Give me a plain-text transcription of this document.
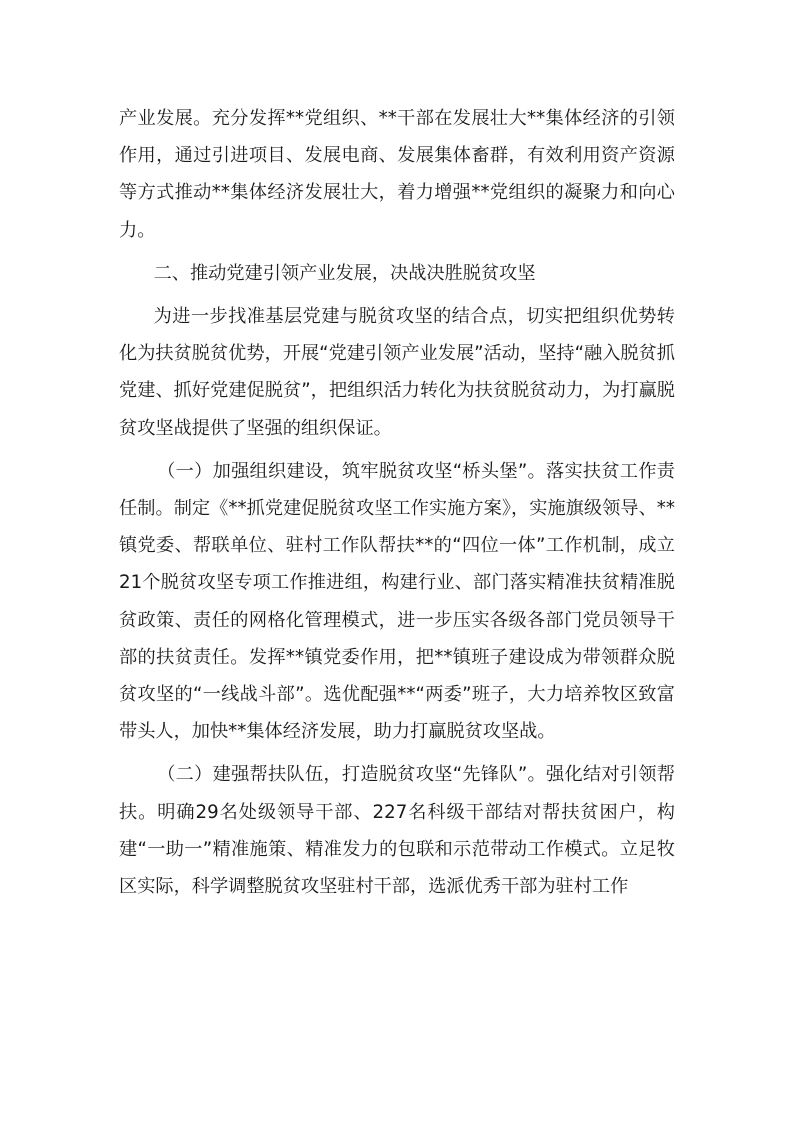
产业发展。充分发挥**党组织、**干部在发展壮大**集体经济的引领作用，通过引进项目、发展电商、发展集体畜群，有效利用资产资源等方式推动**集体经济发展壮大，着力增强**党组织的凝聚力和向心力。

二、推动党建引领产业发展，决战决胜脱贫攻坚

为进一步找准基层党建与脱贫攻坚的结合点，切实把组织优势转化为扶贫脱贫优势，开展“党建引领产业发展”活动，坚持“融入脱贫抓党建、抓好党建促脱贫”，把组织活力转化为扶贫脱贫动力，为打赢脱贫攻坚战提供了坚强的组织保证。

（一）加强组织建设，筑牢脱贫攻坚“桥头堡”。落实扶贫工作责任制。制定《**抓党建促脱贫攻坚工作实施方案》，实施旗级领导、**镇党委、帮联单位、驻村工作队帮扶**的“四位一体”工作机制，成立21个脱贫攻坚专项工作推进组，构建行业、部门落实精准扶贫精准脱贫政策、责任的网格化管理模式，进一步压实各级各部门党员领导干部的扶贫责任。发挥**镇党委作用，把**镇班子建设成为带领群众脱贫攻坚的“一线战斗部”。选优配强**“两委”班子，大力培养牧区致富带头人，加快**集体经济发展，助力打赢脱贫攻坚战。

（二）建强帮扶队伍，打造脱贫攻坚“先锋队”。强化结对引领帮扶。明确29名处级领导干部、227名科级干部结对帮扶贫困户，构建“一助一”精准施策、精准发力的包联和示范带动工作模式。立足牧区实际，科学调整脱贫攻坚驻村干部，选派优秀干部为驻村工作
